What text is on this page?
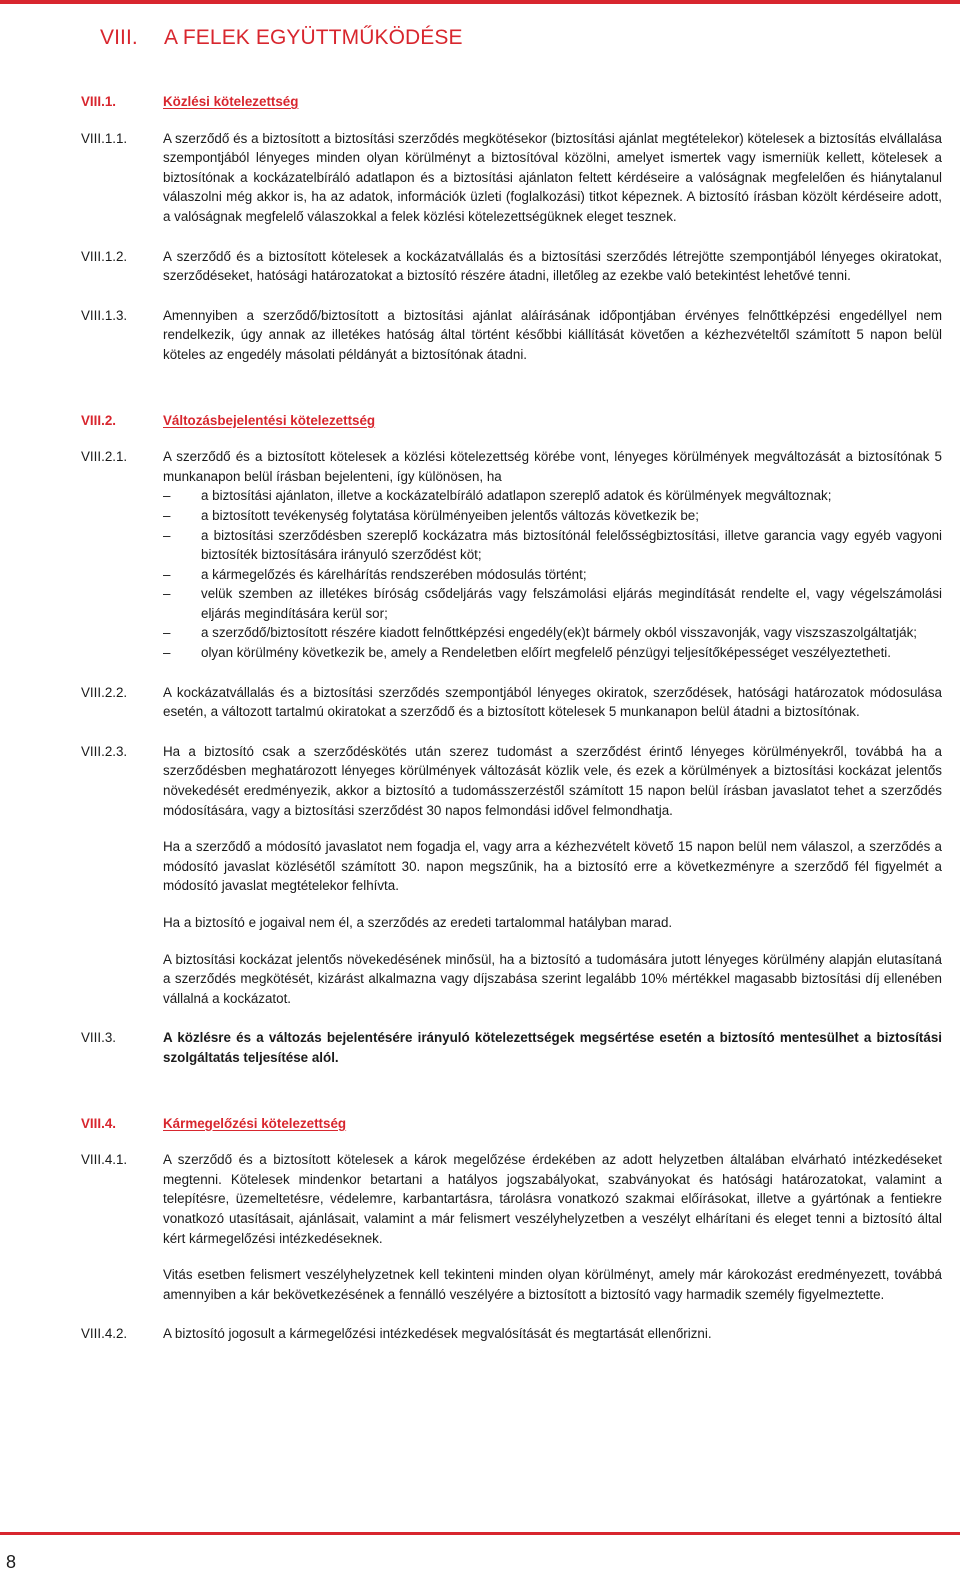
VIII. A FELEK EGYÜTTMŰKÖDÉSE
VIII.1.	Közlési kötelezettség
VIII.1.1.	A szerződő és a biztosított a biztosítási szerződés megkötésekor (biztosítási ajánlat megtételekor) kötelesek a biztosítás elvállalása szempontjából lényeges minden olyan körülményt a biztosítóval közölni, amelyet ismertek vagy ismerniük kellett, kötelesek a biztosítónak a kockázatelbíráló adatlapon és a biztosítási ajánlaton feltett kérdéseire a valóságnak megfelelően és hiánytalanul válaszolni még akkor is, ha az adatok, információk üzleti (foglalkozási) titkot képeznek. A biztosító írásban közölt kérdéseire adott, a valóságnak megfelelő válaszokkal a felek közlési kötelezettségüknek eleget tesznek.
VIII.1.2.	A szerződő és a biztosított kötelesek a kockázatvállalás és a biztosítási szerződés létrejötte szempontjából lényeges okiratokat, szerződéseket, hatósági határozatokat a biztosító részére átadni, illetőleg az ezekbe való betekintést lehetővé tenni.
VIII.1.3.	Amennyiben a szerződő/biztosított a biztosítási ajánlat aláírásának időpontjában érvényes felnőttképzési engedéllyel nem rendelkezik, úgy annak az illetékes hatóság által történt későbbi kiállítását követően a kézhezvételtől számított 5 napon belül köteles az engedély másolati példányát a biztosítónak átadni.
VIII.2.	Változásbejelentési kötelezettség
VIII.2.1.	A szerződő és a biztosított kötelesek a közlési kötelezettség körébe vont, lényeges körülmények megváltozását a biztosítónak 5 munkanapon belül írásban bejelenteni, így különösen, ha

– a biztosítási ajánlaton, illetve a kockázatelbíráló adatlapon szereplő adatok és körülmények megváltoznak;
– a biztosított tevékenység folytatása körülményeiben jelentős változás következik be;
– a biztosítási szerződésben szereplő kockázatra más biztosítónál felelősségbiztosítási, illetve garancia vagy egyéb vagyoni biztosíték biztosítására irányuló szerződést köt;
– a kármegelőzés és kárelhárítás rendszerében módosulás történt;
– velük szemben az illetékes bíróság csődeljárás vagy felszámolási eljárás megindítását rendelte el, vagy végelszámolási eljárás megindítására kerül sor;
– a szerződő/biztosított részére kiadott felnőttképzési engedély(ek)t bármely okból visszavonják, vagy viszszaszolgáltatják;
– olyan körülmény következik be, amely a Rendeletben előírt megfelelő pénzügyi teljesítőképességet veszélyeztetheti.
VIII.2.2.	A kockázatvállalás és a biztosítási szerződés szempontjából lényeges okiratok, szerződések, hatósági határozatok módosulása esetén, a változott tartalmú okiratokat a szerződő és a biztosított kötelesek 5 munkanapon belül átadni a biztosítónak.
VIII.2.3.	Ha a biztosító csak a szerződéskötés után szerez tudomást a szerződést érintő lényeges körülményekről, továbbá ha a szerződésben meghatározott lényeges körülmények változását közlik vele, és ezek a körülmények a biztosítási kockázat jelentős növekedését eredményezik, akkor a biztosító a tudomásszerzéstől számított 15 napon belül írásban javaslatot tehet a szerződés módosítására, vagy a biztosítási szerződést 30 napos felmondási idővel felmondhatja.

Ha a szerződő a módosító javaslatot nem fogadja el, vagy arra a kézhezvételt követő 15 napon belül nem válaszol, a szerződés a módosító javaslat közlésétől számított 30. napon megszűnik, ha a biztosító erre a következményre a szerződő fél figyelmét a módosító javaslat megtételekor felhívta.

Ha a biztosító e jogaival nem él, a szerződés az eredeti tartalommal hatályban marad.

A biztosítási kockázat jelentős növekedésének minősül, ha a biztosító a tudomására jutott lényeges körülmény alapján elutasítaná a szerződés megkötését, kizárást alkalmazna vagy díjszabása szerint legalább 10% mértékkel magasabb biztosítási díj ellenében vállalná a kockázatot.

VIII.3.	A közlésre és a változás bejelentésére irányuló kötelezettségek megsértése esetén a biztosító mentesülhet a biztosítási szolgáltatás teljesítése alól.
VIII.4.	Kármegelőzési kötelezettség
VIII.4.1.	A szerződő és a biztosított kötelesek a károk megelőzése érdekében az adott helyzetben általában elvárható intézkedéseket megtenni. Kötelesek mindenkor betartani a hatályos jogszabályokat, szabványokat és hatósági határozatokat, valamint a telepítésre, üzemeltetésre, védelemre, karbantartásra, tárolásra vonatkozó szakmai előírásokat, illetve a gyártónak a fentiekre vonatkozó utasításait, ajánlásait, valamint a már felismert veszélyhelyzetben a veszélyt elhárítani és eleget tenni a biztosító által kért kármegelőzési intézkedéseknek.

Vitás esetben felismert veszélyhelyzetnek kell tekinteni minden olyan körülményt, amely már károkozást eredményezett, továbbá amennyiben a kár bekövetkezésének a fennálló veszélyére a biztosított a biztosító vagy harmadik személy figyelmeztette.

VIII.4.2.	A biztosító jogosult a kármegelőzési intézkedések megvalósítását és megtartását ellenőrizni.
8
